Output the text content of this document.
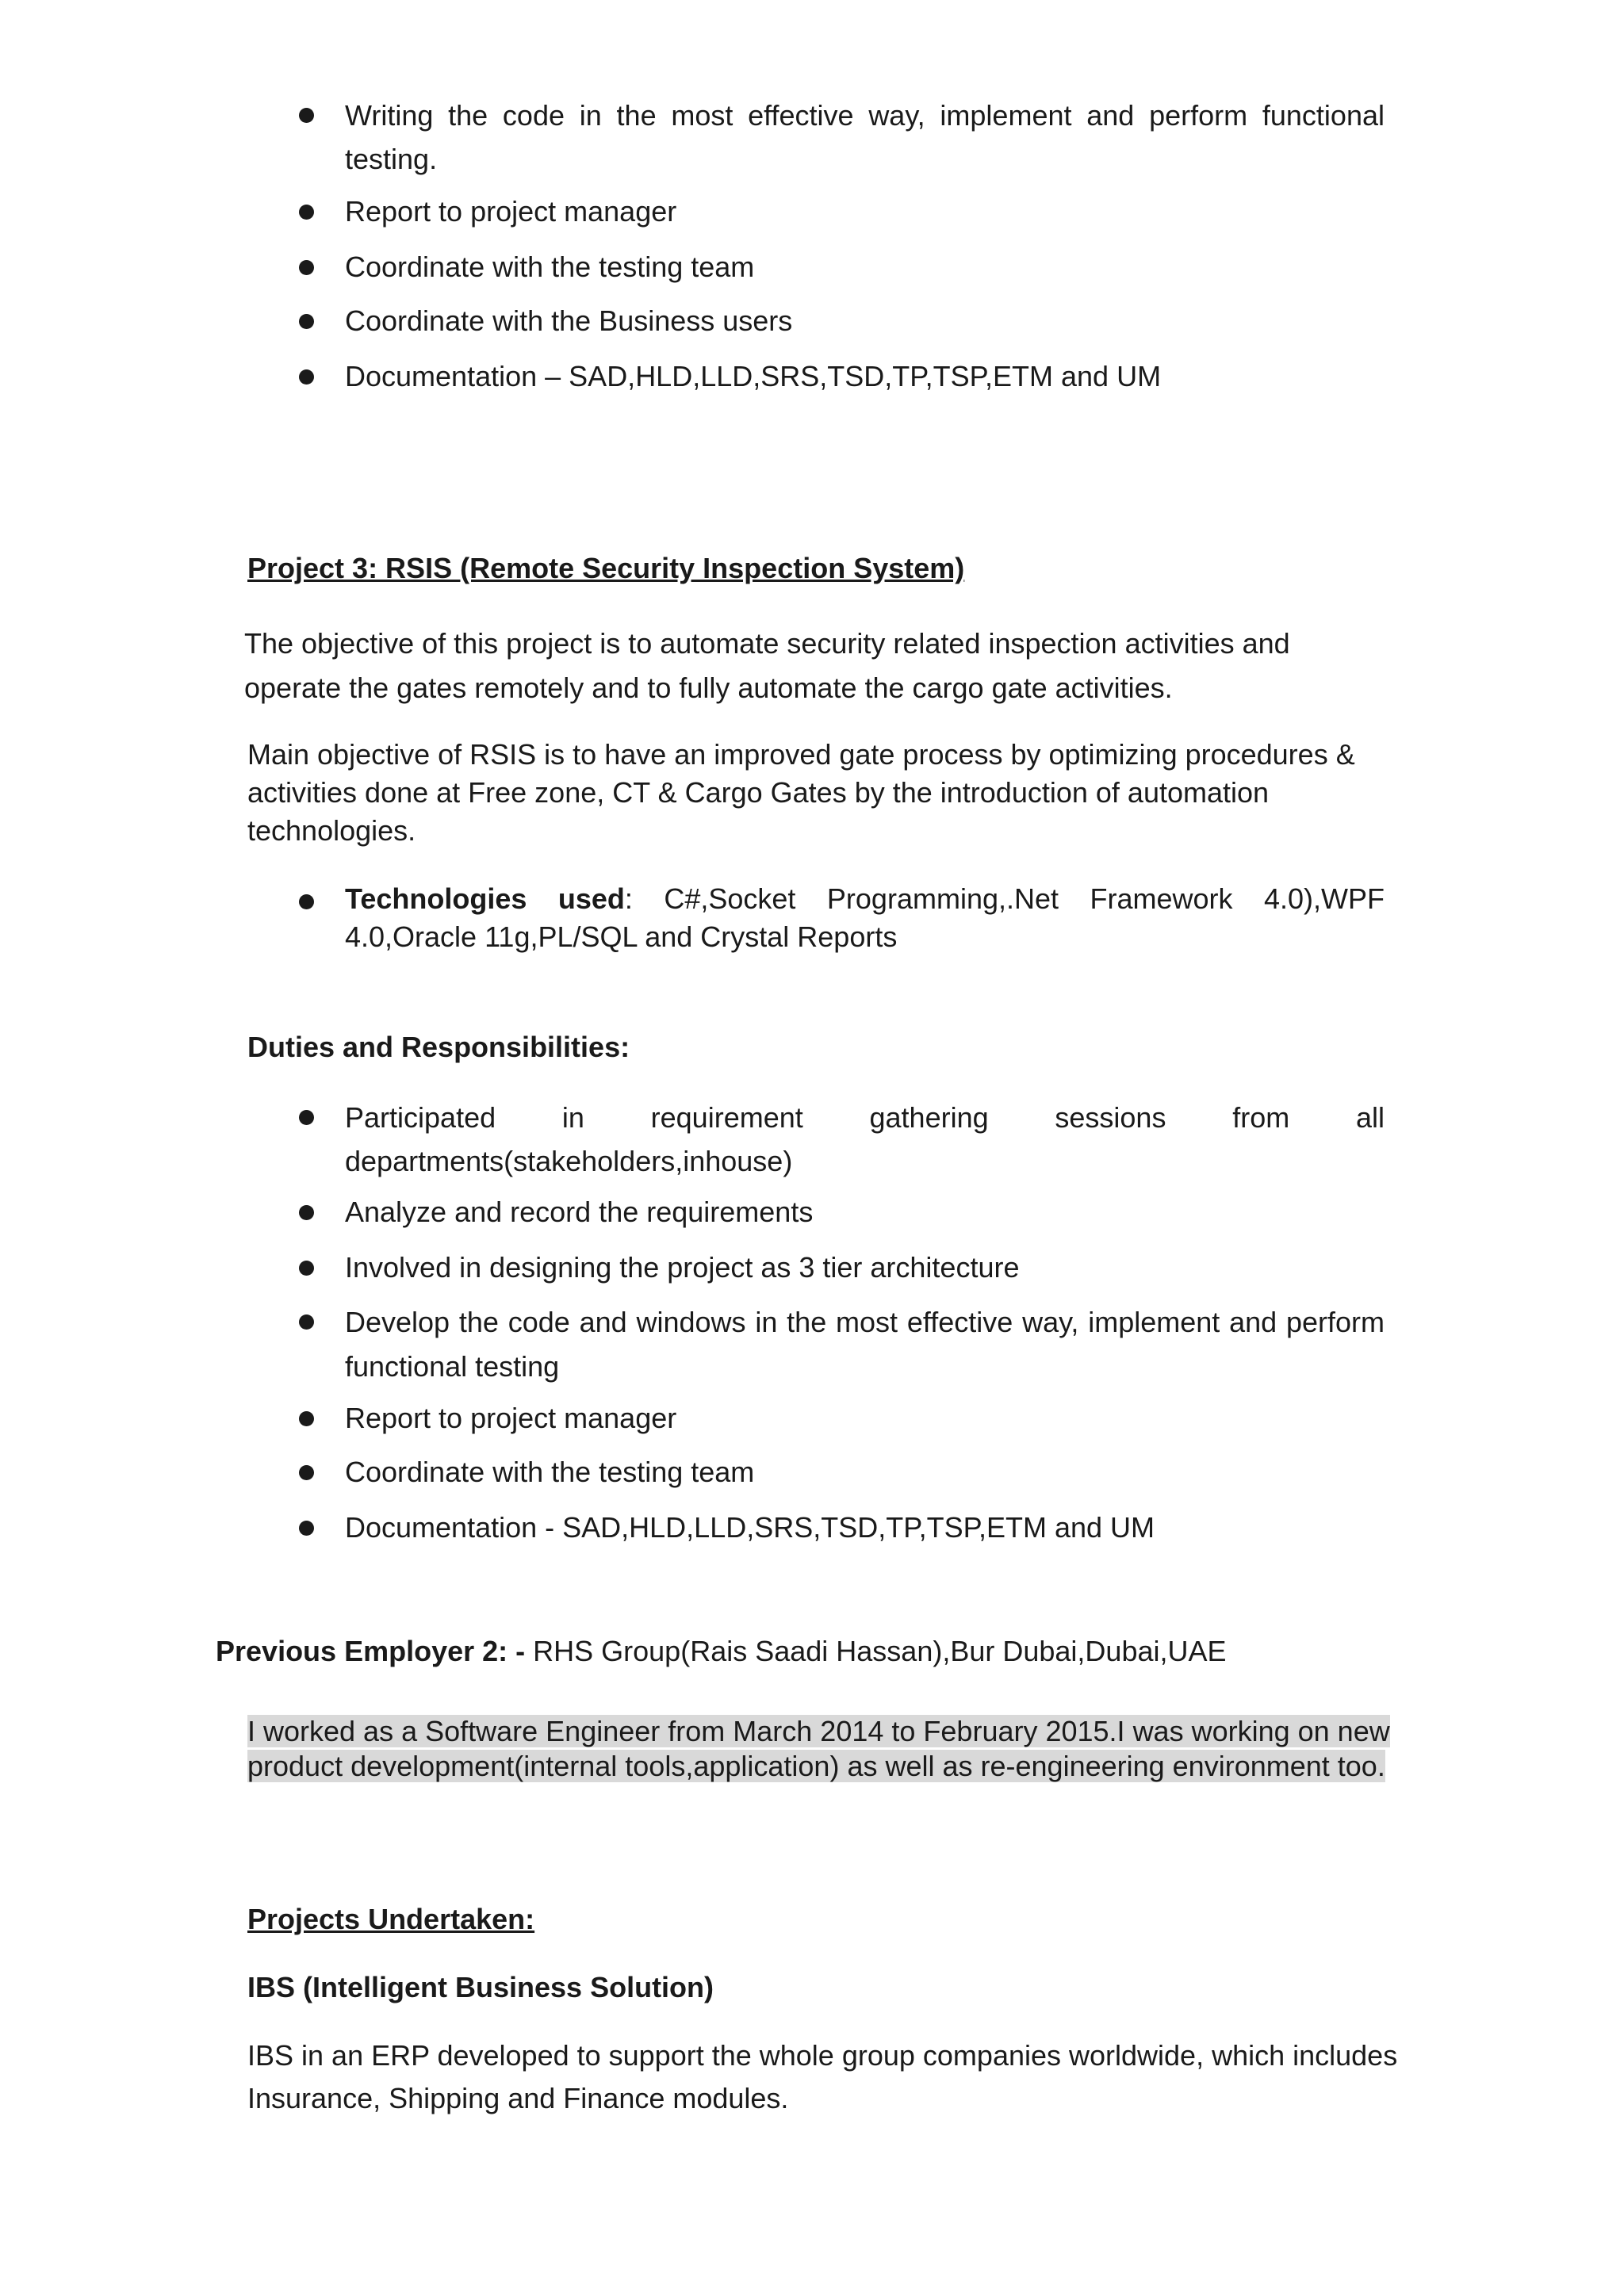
Writing the code in the most effective way, implement and perform functional testing.
Report to project manager
Coordinate with the testing team
Coordinate with the Business users
Documentation – SAD,HLD,LLD,SRS,TSD,TP,TSP,ETM and UM
Project 3: RSIS (Remote Security Inspection System)
The objective of this project is to automate security related inspection activities and operate the gates remotely and to fully automate the cargo gate activities.
Main objective of RSIS is to have an improved gate process by optimizing procedures & activities done at Free zone, CT & Cargo Gates by the introduction of automation technologies.
Technologies used: C#,Socket Programming,.Net Framework 4.0),WPF 4.0,Oracle 11g,PL/SQL and Crystal Reports
Duties and Responsibilities:
Participated in requirement gathering sessions from all departments(stakeholders,inhouse)
Analyze and record the requirements
Involved in designing the project as 3 tier architecture
Develop the code and windows in the most effective way, implement and perform functional testing
Report to project manager
Coordinate with the testing team
Documentation - SAD,HLD,LLD,SRS,TSD,TP,TSP,ETM and UM
Previous Employer 2: - RHS Group(Rais Saadi Hassan),Bur Dubai,Dubai,UAE
I worked as a Software Engineer from March 2014 to February 2015.I was working on new
product development(internal tools,application) as well as re-engineering environment too.
Projects Undertaken:
IBS (Intelligent Business Solution)
IBS in an ERP developed to support the whole group companies worldwide, which includes
Insurance, Shipping and Finance modules.
